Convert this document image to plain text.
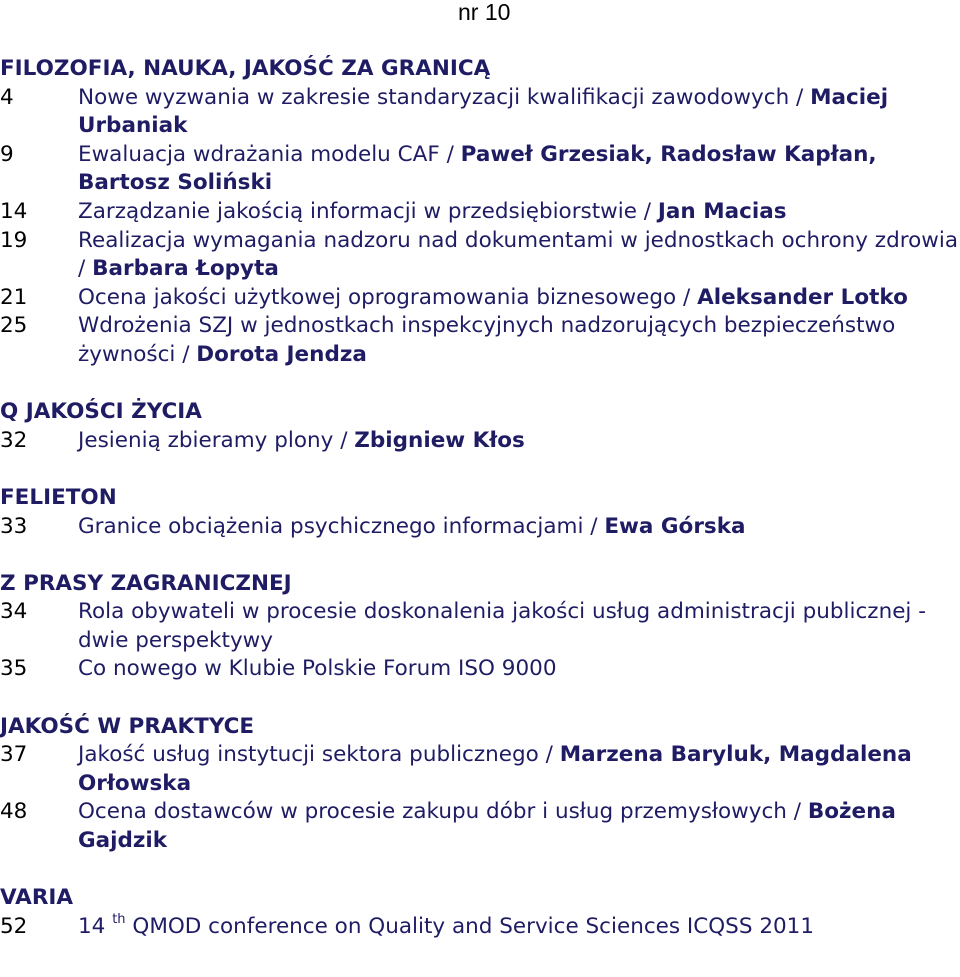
nr 10
FILOZOFIA, NAUKA, JAKOŚĆ ZA GRANICĄ
4	Nowe wyzwania w zakresie standaryzacji kwalifikacji zawodowych / Maciej Urbaniak
9	Ewaluacja wdrażania modelu CAF / Paweł Grzesiak, Radosław Kapłan, Bartosz Soliński
14	Zarządzanie jakością informacji w przedsiębiorstwie / Jan Macias
19	Realizacja wymagania nadzoru nad dokumentami w jednostkach ochrony zdrowia / Barbara Łopyta
21	Ocena jakości użytkowej oprogramowania biznesowego / Aleksander Lotko
25	Wdrożenia SZJ w jednostkach inspekcyjnych nadzorujących bezpieczeństwo żywności / Dorota Jendza
Q JAKOŚCI ŻYCIA
32	Jesienią zbieramy plony / Zbigniew Kłos
FELIETON
33	Granice obciążenia psychicznego informacjami / Ewa Górska
Z PRASY ZAGRANICZNEJ
34	Rola obywateli w procesie doskonalenia jakości usług administracji publicznej - dwie perspektywy
35	Co nowego w Klubie Polskie Forum ISO 9000
JAKOŚĆ W PRAKTYCE
37	Jakość usług instytucji sektora publicznego / Marzena Baryluk, Magdalena Orłowska
48	Ocena dostawców w procesie zakupu dóbr i usług przemysłowych / Bożena Gajdzik
VARIA
52	14 $^{th}$ QMOD conference on Quality and Service Sciences ICQSS 2011
